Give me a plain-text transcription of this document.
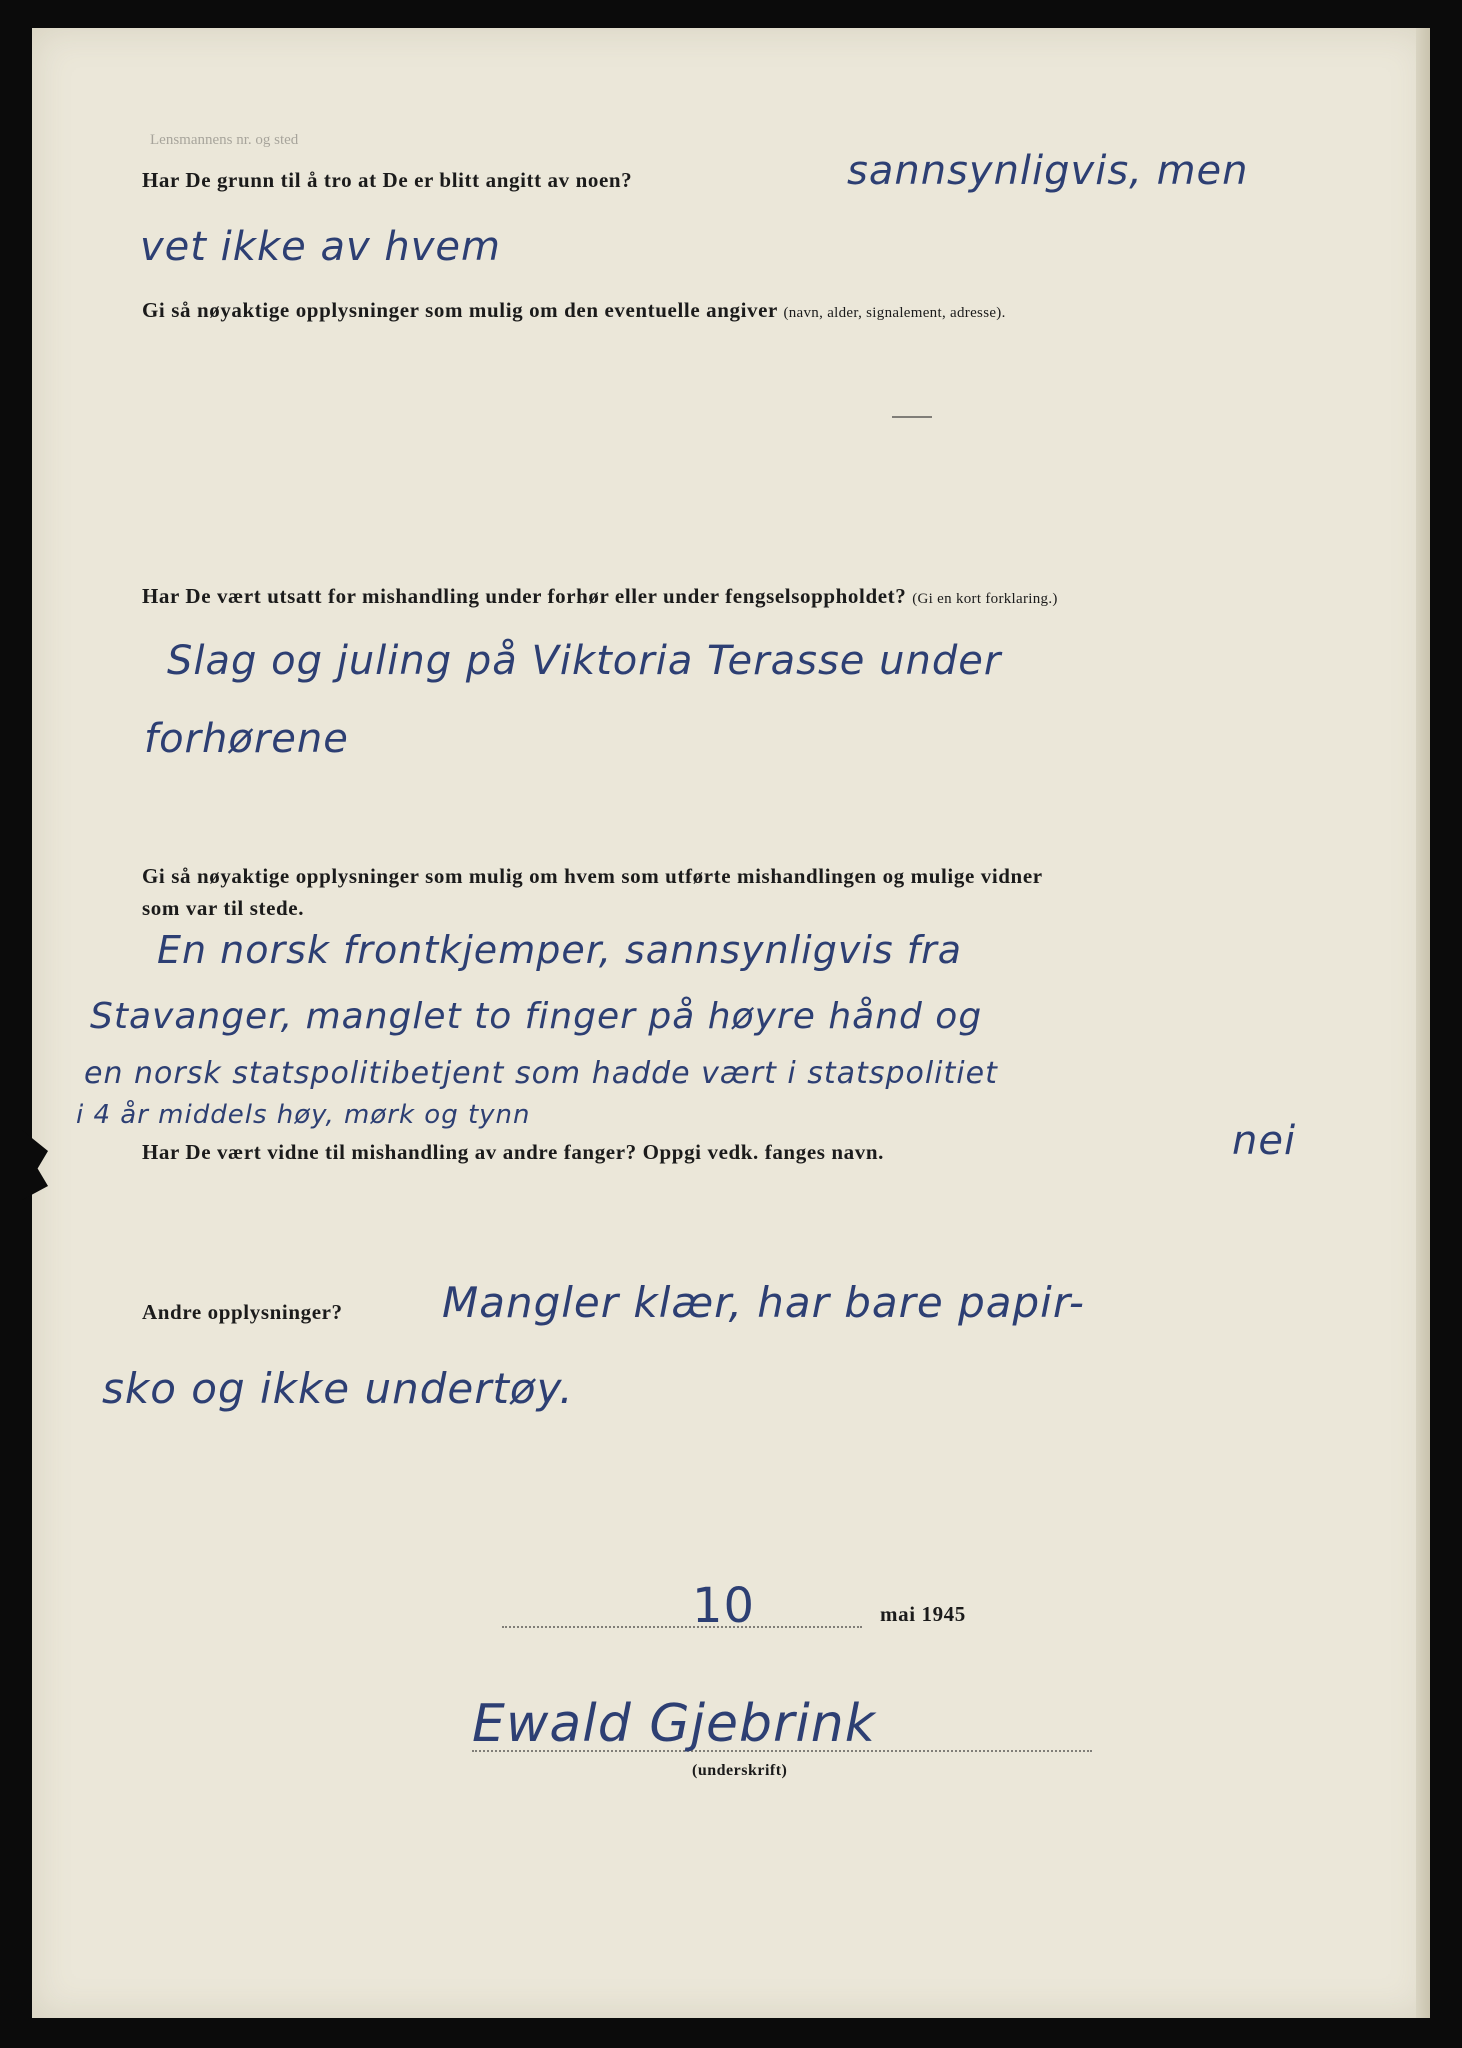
Lensmannens nr. og sted
Har De grunn til å tro at De er blitt angitt av noen?	sannsynligvis, men
vet ikke av hvem
Gi så nøyaktige opplysninger som mulig om den eventuelle angiver (navn, alder, signalement, adresse).
Har De vært utsatt for mishandling under forhør eller under fengselsoppholdet? (Gi en kort forklaring.)
Slag og juling på Viktoria Terasse under
forhørene
Gi så nøyaktige opplysninger som mulig om hvem som utførte mishandlingen og mulige vidner
som var til stede.
En norsk frontkjemper, sannsynligvis fra
Stavanger, manglet to finger på høyre hånd og
en norsk statspolitibetjent som hadde vært i statspolitiet
i 4 år middels høy, mørk og tynn
Har De vært vidne til mishandling av andre fanger? Oppgi vedk. fanges navn.	nei
Andre opplysninger? Mangler klær, har bare papir-
sko og ikke undertøy.
10	mai 1945
Ewald Gjebrink
(underskrift)
